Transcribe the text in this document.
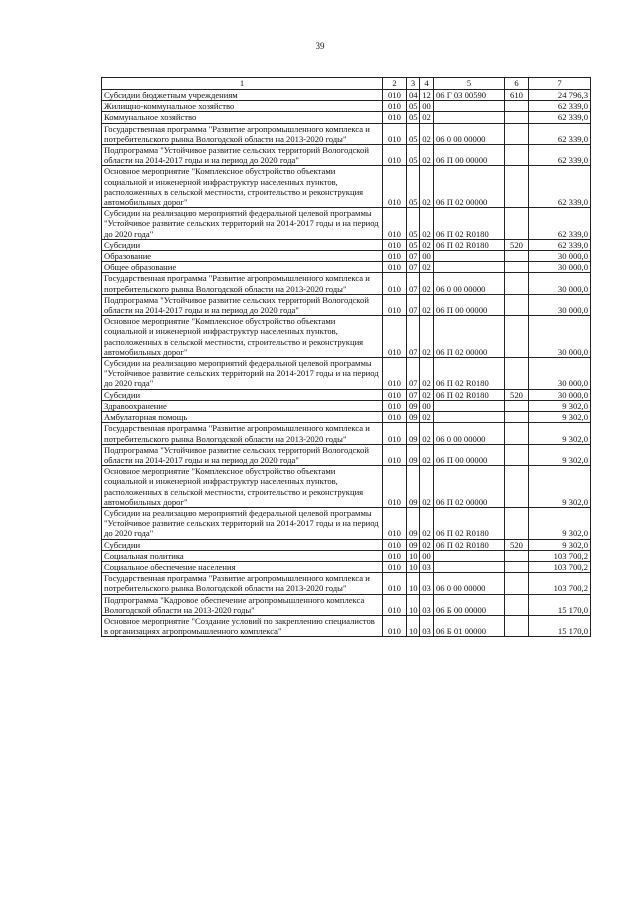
39
1	2	3	4	5	6	7
Субсидии бюджетным учреждениям	010	04	12	06 Г 03 00590	610	24 796,3
Жилищно-коммунальное хозяйство	010	05	00			62 339,0
Коммунальное хозяйство	010	05	02			62 339,0
Государственная программа "Развитие агропромышленного комплекса и потребительского рынка Вологодской области на 2013-2020 годы"	010	05	02	06 0 00 00000		62 339,0
Подпрограмма "Устойчивое развитие сельских территорий Вологодской области на 2014-2017 годы и на период до 2020 года"	010	05	02	06 П 00 00000		62 339,0
Основное мероприятие "Комплексное обустройство объектами социальной и инженерной инфраструктур населенных пунктов, расположенных в сельской местности, строительство и реконструкция автомобильных дорог"	010	05	02	06 П 02 00000		62 339,0
Субсидии на реализацию мероприятий федеральной целевой программы "Устойчивое развитие сельских территорий на 2014-2017 годы и на период до 2020 года"	010	05	02	06 П 02 R0180		62 339,0
Субсидии	010	05	02	06 П 02 R0180	520	62 339,0
Образование	010	07	00			30 000,0
Общее образование	010	07	02			30 000,0
Государственная программа "Развитие агропромышленного комплекса и потребительского рынка Вологодской области на 2013-2020 годы"	010	07	02	06 0 00 00000		30 000,0
Подпрограмма "Устойчивое развитие сельских территорий Вологодской области на 2014-2017 годы и на период до 2020 года"	010	07	02	06 П 00 00000		30 000,0
Основное мероприятие "Комплексное обустройство объектами социальной и инженерной инфраструктур населенных пунктов, расположенных в сельской местности, строительство и реконструкция автомобильных дорог"	010	07	02	06 П 02 00000		30 000,0
Субсидии на реализацию мероприятий федеральной целевой программы "Устойчивое развитие сельских территорий на 2014-2017 годы и на период до 2020 года"	010	07	02	06 П 02 R0180		30 000,0
Субсидии	010	07	02	06 П 02 R0180	520	30 000,0
Здравоохранение	010	09	00			9 302,0
Амбулаторная помощь	010	09	02			9 302,0
Государственная программа "Развитие агропромышленного комплекса и потребительского рынка Вологодской области на 2013-2020 годы"	010	09	02	06 0 00 00000		9 302,0
Подпрограмма "Устойчивое развитие сельских территорий Вологодской области на 2014-2017 годы и на период до 2020 года"	010	09	02	06 П 00 00000		9 302,0
Основное мероприятие "Комплексное обустройство объектами социальной и инженерной инфраструктур населенных пунктов, расположенных в сельской местности, строительство и реконструкция автомобильных дорог"	010	09	02	06 П 02 00000		9 302,0
Субсидии на реализацию мероприятий федеральной целевой программы "Устойчивое развитие сельских территорий на 2014-2017 годы и на период до 2020 года"	010	09	02	06 П 02 R0180		9 302,0
Субсидии	010	09	02	06 П 02 R0180	520	9 302,0
Социальная политика	010	10	00			103 700,2
Социальное обеспечение населения	010	10	03			103 700,2
Государственная программа "Развитие агропромышленного комплекса и потребительского рынка Вологодской области на 2013-2020 годы"	010	10	03	06 0 00 00000		103 700,2
Подпрограмма "Кадровое обеспечение агропромышленного комплекса Вологодской области на 2013-2020 годы"	010	10	03	06 Б 00 00000		15 170,0
Основное мероприятие "Создание условий по закреплению специалистов в организациях агропромышленного комплекса"	010	10	03	06 Б 01 00000		15 170,0
